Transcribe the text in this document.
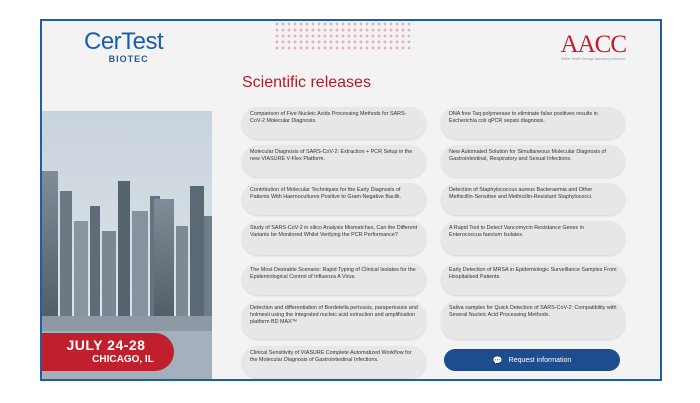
CerTest
BIOTEC
AACC
Better health through laboratory medicine
Scientific releases
JULY 24-28
CHICAGO, IL
Comparison of Five Nucleic Acids Processing Methods for SARS-CoV-2 Molecular Diagnosis.
Molecular Diagnosis of SARS-CoV-2: Extraction + PCR Setup in the new VIASURE V-Flex Platform.
Contribution of Molecular Techniques for the Early Diagnosis of Patients With Haemocultures Positive to Gram-Negative Bacilli.
Study of SARS-CoV-2 in silico Analysis Mismatches, Can the Different Variants be Monitored Whilst Verifying the PCR Performance?
The Most Desirable Scenario: Rapid Typing of Clinical Isolates for the Epidemiological Control of Influenza A Virus.
Detection and differentiation of Bordetella pertussis, parapertussis and holmesii using the integrated nucleic acid extraction and amplification platform BD MAX™
Clinical Sensitivity of VIASURE Complete Automatized Workflow for the Molecular Diagnosis of Gastrointestinal Infections.
DNA free Taq polymerase to eliminate false positives results in Escherichia coli qPCR sepsis diagnosis.
New Automated Solution for Simultaneous Molecular Diagnosis of Gastrointestinal, Respiratory and Sexual Infections.
Detection of Staphylococcus aureus Bacteraemia and Other Methicillin-Sensitive and Methicillin-Resistant Staphylococci.
A Rapid Tool to Detect Vancomycin Resistance Genes in Enterococcus faecium Isolates.
Early Detection of MRSA in Epidemiologic Surveillance Samples From Hospitalised Patients.
Saliva samples for Quick Detection of SARS-CoV-2: Compatibility with Several Nucleic Acid Processing Methods.
💬 Request information
